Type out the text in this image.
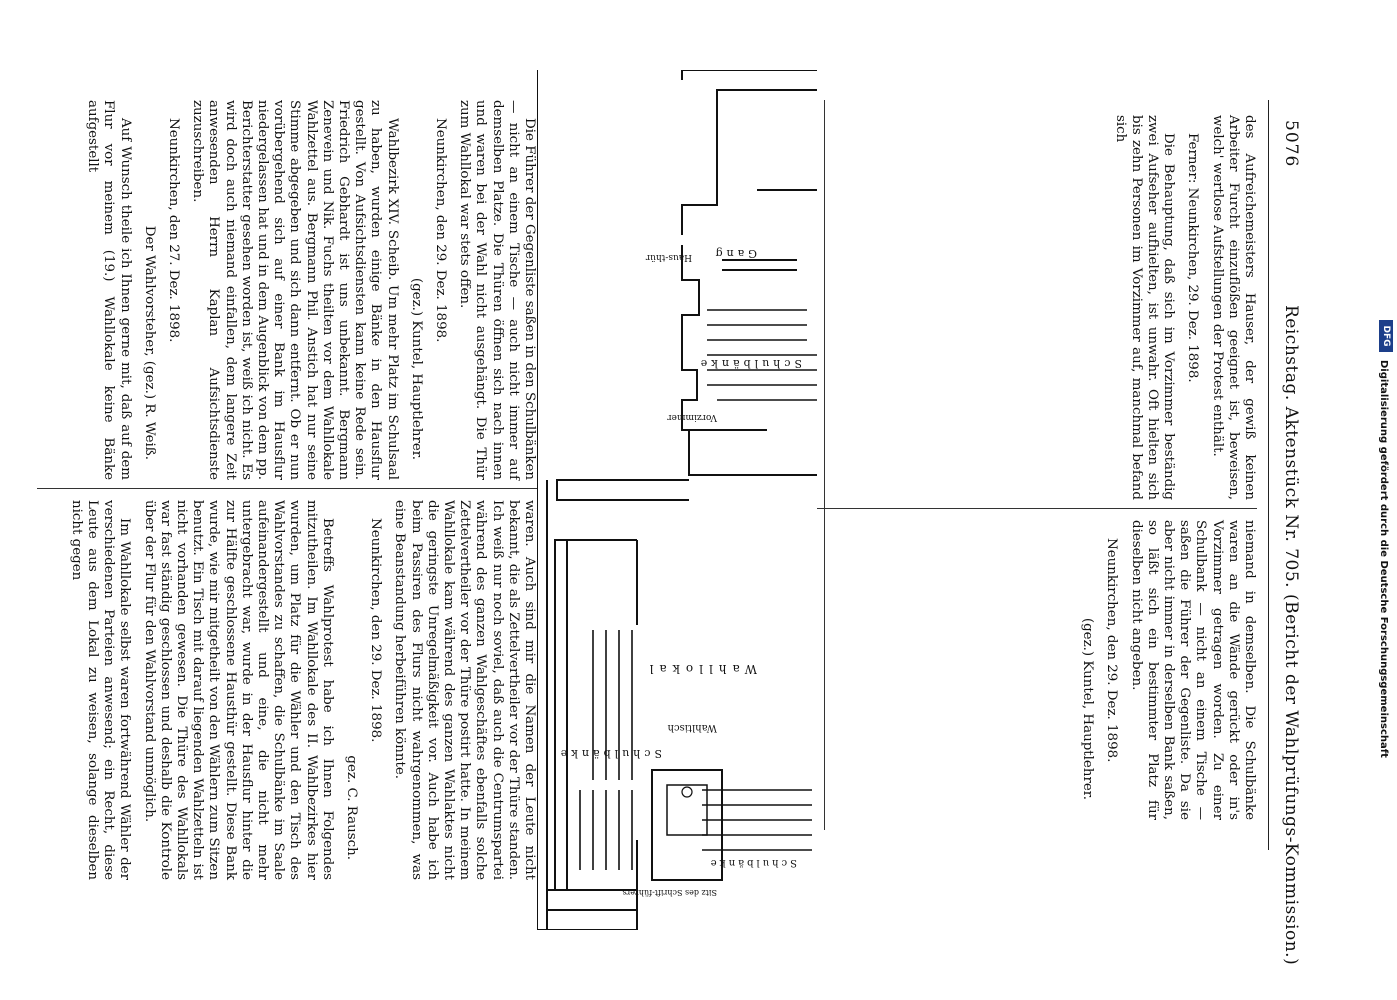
5076
Reichstag. Aktenstück Nr. 705. (Bericht der Wahlprüfungs-Kommission.)

des Aufreichemeisters Hauser, der gewiß keinen Arbeiter Furcht einzuflößen geeignet ist, beweisen, welch' wertlose Aufstellungen der Protest enthält.

Ferner: Neunkirchen, 29. Dez. 1898.

Die Behauptung, daß sich im Vorzimmer beständig zwei Aufseher aufhielten, ist unwahr. Oft hielten sich bis zehn Personen im Vorzimmer auf, manchmal befand sich

niemand in demselben. Die Schulbänke waren an die Wände gerückt oder in's Vorzimmer getragen worden. Zu einer Schulbank — nicht an einem Tische — saßen die Führer der Gegenliste. Da sie aber nicht immer in derselben Bank saßen, so läßt sich ein bestimmter Platz für dieselben nicht angeben.

Neunkirchen, den 29. Dez. 1898.

(gez.) Kuntel, Hauptlehrer.

Gang
Haus-thür
Schulbänke
Vorzimmer
Wahllokal
Schulbänke
Schulbänke
Wahltisch
Sitz des Schrift-führers

Die Führer der Gegenliste saßen in den Schulbänken — nicht an einem Tische — auch nicht immer auf demselben Platze. Die Thüren öffnen sich nach innen und waren bei der Wahl nicht ausgehängt. Die Thür zum Wahllokal war stets offen.

Neunkirchen, den 29. Dez. 1898.

(gez.) Kuntel, Hauptlehrer.

Wahlbezirk XIV. Scheib. Um mehr Platz im Schulsaal zu haben, wurden einige Bänke in den Hausflur gestellt. Von Aufsichtsdiensten kann keine Rede sein. Friedrich Gebhardt ist uns unbekannt. Bergmann Zenevein und Nik. Fuchs theilten vor dem Wahllokale Wahlzettel aus. Bergmann Phil. Anstich hat nur seine Stimme abgegeben und sich dann entfernt. Ob er nun vorübergehend sich auf einer Bank im Hausflur niedergelassen hat und in dem Augenblick von dem pp. Berichterstatter gesehen worden ist, weiß ich nicht. Es wird doch auch niemand einfallen, dem langere Zeit anwesenden Herrn Kaplan Aufsichtsdienste zuzuschreiben.

Neunkirchen, den 27. Dez. 1898.

Der Wahlvorsteher, (gez.) R. Weiß.

Auf Wunsch theile ich Ihnen gerne mit, daß auf dem Flur vor meinem (19.) Wahllokale keine Bänke aufgestellt

waren. Auch sind mir die Namen der Leute nicht bekannt, die als Zettelvertheiler vor der Thüre standen. Ich weiß nur noch soviel, daß auch die Centrumspartei während des ganzen Wahlgeschäftes ebenfalls solche Zettelvertheiler vor der Thüre postirt hatte. In meinem Wahllokale kam während des ganzen Wahlaktes nicht die geringste Unregelmäßigkeit vor. Auch habe ich beim Passiren des Flurs nicht wahrgenommen, was eine Beanstandung herbeiführen könnte.

Neunkirchen, den 29. Dez. 1898.

gez. C. Rausch.

Betreffs Wahlprotest habe ich Ihnen Folgendes mitzutheilen. Im Wahllokale des II. Wahlbezirkes hier wurden, um Platz für die Wähler und den Tisch des Wahlvorstandes zu schaffen, die Schulbänke im Saale aufeinandergestellt und eine, die nicht mehr untergebracht war, wurde in der Hausflur hinter die zur Hälfte geschlossene Hausthür gestellt. Diese Bank wurde, wie mir mitgetheilt von den Wählern zum Sitzen benutzt. Ein Tisch mit darauf liegenden Wahlzetteln ist nicht vorhanden gewesen. Die Thüre des Wahllokals war fast ständig geschlossen und deshalb die Kontrole über der Flur für den Wahlvorstand unmöglich.

Im Wahllokale selbst waren fortwährend Wähler der verschiedenen Parteien anwesend; ein Recht, diese Leute aus dem Lokal zu weisen, solange dieselben nicht gegen

DFG
Digitalisierung gefördert durch die Deutsche Forschungsgemeinschaft
